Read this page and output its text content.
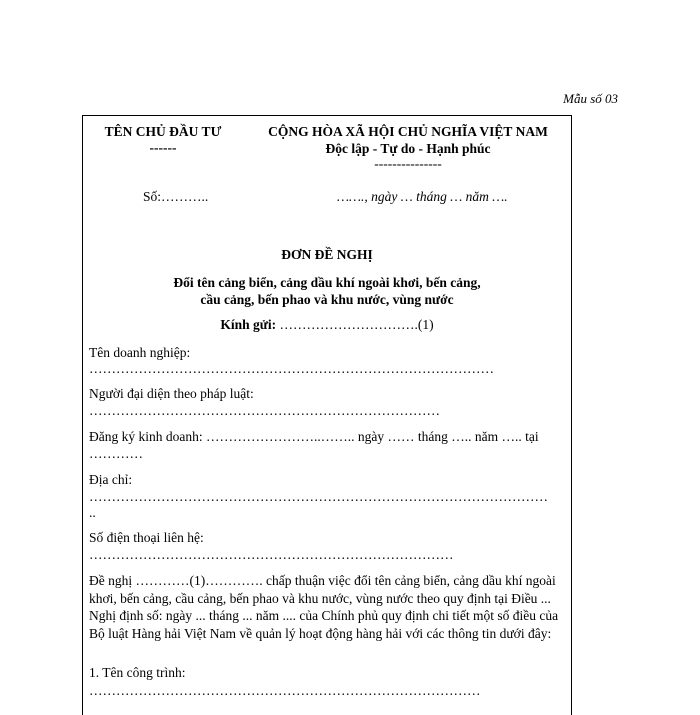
Mẫu số 03
TÊN CHỦ ĐẦU TƯ
------
CỘNG HÒA XÃ HỘI CHỦ NGHĨA VIỆT NAM
Độc lập - Tự do - Hạnh phúc
---------------
Số:………..	……., ngày … tháng … năm ….
ĐƠN ĐỀ NGHỊ
Đổi tên cảng biển, cảng dầu khí ngoài khơi, bến cảng,
cầu cảng, bến phao và khu nước, vùng nước
Kính gửi: ………………………….(1)
Tên doanh nghiệp:
………………………………………………………………………………
Người đại diện theo pháp luật:
……………………………………………………………………
Đăng ký kinh doanh: ……………………..…….. ngày …… tháng ….. năm ….. tại
…………
Địa chỉ:
…………………………………………………………………………………………
..
Số điện thoại liên hệ:
………………………………………………………………………
Đề nghị …………(1)…………. chấp thuận việc đổi tên cảng biển, cảng dầu khí ngoài khơi, bến cảng, cầu cảng, bến phao và khu nước, vùng nước theo quy định tại Điều ... Nghị định số: ngày ... tháng ... năm .... của Chính phủ quy định chi tiết một số điều của Bộ luật Hàng hải Việt Nam về quản lý hoạt động hàng hải với các thông tin dưới đây:
1. Tên công trình:
……………………………………………………………………………
